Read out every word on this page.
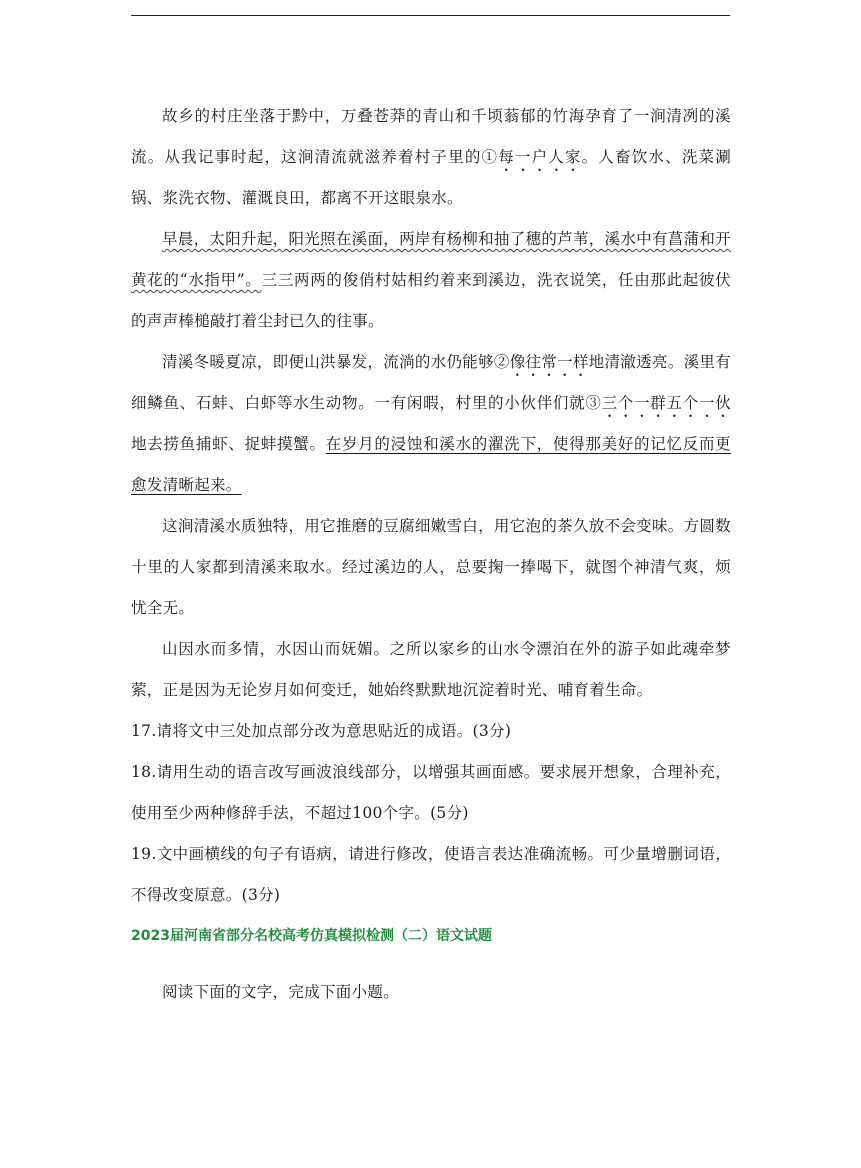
故乡的村庄坐落于黔中，万叠苍莽的青山和千顷蓊郁的竹海孕育了一涧清冽的溪流。从我记事时起，这涧清流就滋养着村子里的①每一户人家。人畜饮水、洗菜涮锅、浆洗衣物、灌溉良田，都离不开这眼泉水。

早晨，太阳升起，阳光照在溪面，两岸有杨柳和抽了穗的芦苇，溪水中有菖蒲和开黄花的“水指甲”。三三两两的俊俏村姑相约着来到溪边，洗衣说笑，任由那此起彼伏的声声棒槌敲打着尘封已久的往事。

清溪冬暖夏凉，即便山洪暴发，流淌的水仍能够②像往常一样地清澈透亮。溪里有细鳞鱼、石蚌、白虾等水生动物。一有闲暇，村里的小伙伴们就③三个一群五个一伙地去捞鱼捕虾、捉蚌摸蟹。在岁月的浸蚀和溪水的濯洗下，使得那美好的记忆反而更愈发清晰起来。

这涧清溪水质独特，用它推磨的豆腐细嫩雪白，用它泡的茶久放不会变味。方圆数十里的人家都到清溪来取水。经过溪边的人，总要掬一捧喝下，就图个神清气爽，烦忧全无。

山因水而多情，水因山而妩媚。之所以家乡的山水令漂泊在外的游子如此魂牵梦萦，正是因为无论岁月如何变迁，她始终默默地沉淀着时光、哺育着生命。

17.请将文中三处加点部分改为意思贴近的成语。(3分)

18.请用生动的语言改写画波浪线部分，以增强其画面感。要求展开想象，合理补充，使用至少两种修辞手法，不超过100个字。(5分)

19.文中画横线的句子有语病，请进行修改，使语言表达准确流畅。可少量增删词语，不得改变原意。(3分)

2023届河南省部分名校高考仿真模拟检测（二）语文试题

阅读下面的文字，完成下面小题。
